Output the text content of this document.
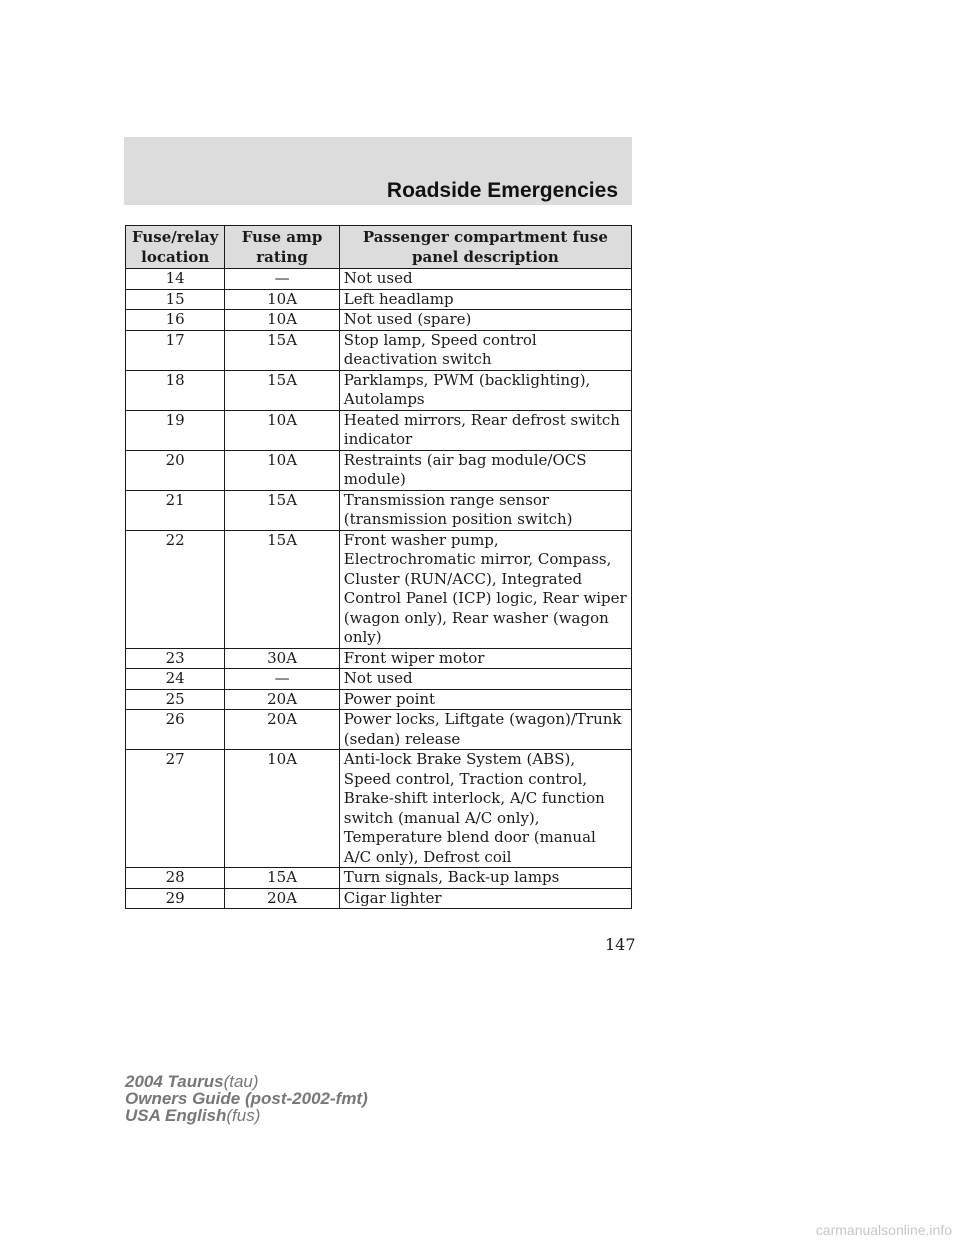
Roadside Emergencies
Fuse/relay location	Fuse amp rating	Passenger compartment fuse panel description
14	—	Not used
15	10A	Left headlamp
16	10A	Not used (spare)
17	15A	Stop lamp, Speed control deactivation switch
18	15A	Parklamps, PWM (backlighting), Autolamps
19	10A	Heated mirrors, Rear defrost switch indicator
20	10A	Restraints (air bag module/OCS module)
21	15A	Transmission range sensor (transmission position switch)
22	15A	Front washer pump, Electrochromatic mirror, Compass, Cluster (RUN/ACC), Integrated Control Panel (ICP) logic, Rear wiper (wagon only), Rear washer (wagon only)
23	30A	Front wiper motor
24	—	Not used
25	20A	Power point
26	20A	Power locks, Liftgate (wagon)/Trunk (sedan) release
27	10A	Anti-lock Brake System (ABS), Speed control, Traction control, Brake-shift interlock, A/C function switch (manual A/C only), Temperature blend door (manual A/C only), Defrost coil
28	15A	Turn signals, Back-up lamps
29	20A	Cigar lighter
147
2004 Taurus(tau)
Owners Guide (post-2002-fmt)
USA English(fus)
carmanualsonline.info
